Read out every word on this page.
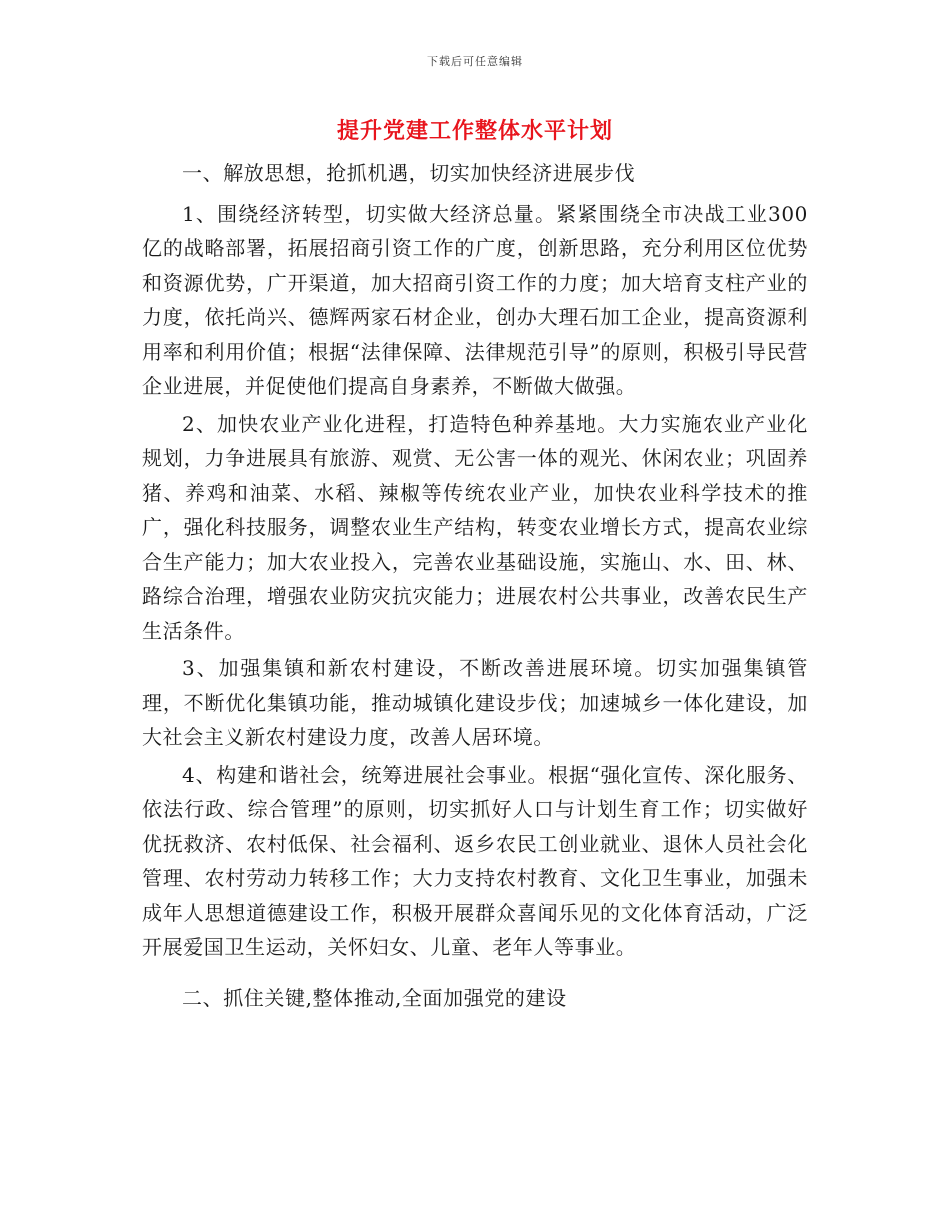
下载后可任意编辑
提升党建工作整体水平计划

一、解放思想，抢抓机遇，切实加快经济进展步伐

1、围绕经济转型，切实做大经济总量。紧紧围绕全市决战工业300亿的战略部署，拓展招商引资工作的广度，创新思路，充分利用区位优势和资源优势，广开渠道，加大招商引资工作的力度；加大培育支柱产业的力度，依托尚兴、德辉两家石材企业，创办大理石加工企业，提高资源利用率和利用价值；根据“法律保障、法律规范引导”的原则，积极引导民营企业进展，并促使他们提高自身素养，不断做大做强。

2、加快农业产业化进程，打造特色种养基地。大力实施农业产业化规划，力争进展具有旅游、观赏、无公害一体的观光、休闲农业；巩固养猪、养鸡和油菜、水稻、辣椒等传统农业产业，加快农业科学技术的推广，强化科技服务，调整农业生产结构，转变农业增长方式，提高农业综合生产能力；加大农业投入，完善农业基础设施，实施山、水、田、林、路综合治理，增强农业防灾抗灾能力；进展农村公共事业，改善农民生产生活条件。

3、加强集镇和新农村建设，不断改善进展环境。切实加强集镇管理，不断优化集镇功能，推动城镇化建设步伐；加速城乡一体化建设，加大社会主义新农村建设力度，改善人居环境。

4、构建和谐社会，统筹进展社会事业。根据“强化宣传、深化服务、依法行政、综合管理”的原则，切实抓好人口与计划生育工作；切实做好优抚救济、农村低保、社会福利、返乡农民工创业就业、退休人员社会化管理、农村劳动力转移工作；大力支持农村教育、文化卫生事业，加强未成年人思想道德建设工作，积极开展群众喜闻乐见的文化体育活动，广泛开展爱国卫生运动，关怀妇女、儿童、老年人等事业。

二、抓住关键,整体推动,全面加强党的建设
